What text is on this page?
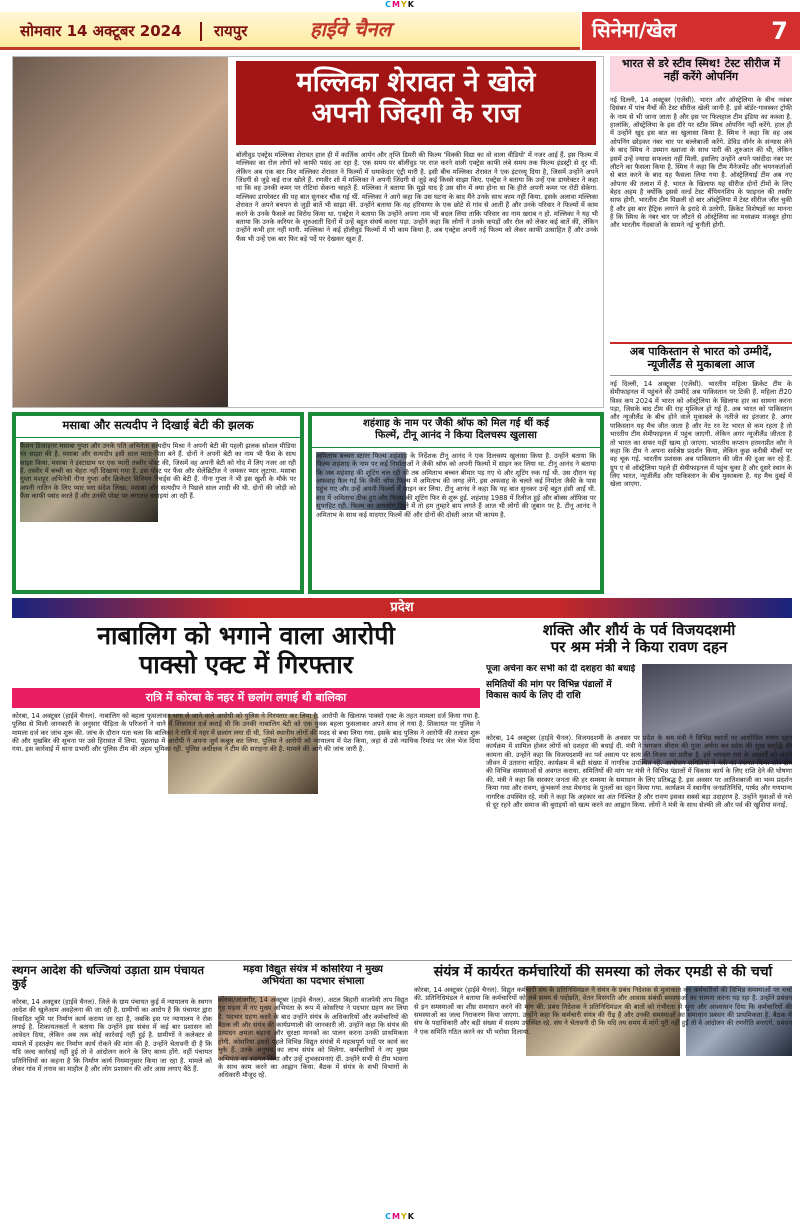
CMYK
सोमवार 14 अक्टूबर 2024	रायपुर	हाईवे चैनल	सिनेमा/खेल	7
मल्लिका शेरावत ने खोले
अपनी जिंदगी के राज
बॉलीवुड एक्ट्रेस मल्लिका शेरावत हाल ही में कार्तिक आर्यन और तृप्ति डिमरी की फिल्म 'विक्की विद्या का वो वाला वीडियो' में नजर आई हैं. इस फिल्म में मल्लिका का रोल लोगों को काफी पसंद आ रहा है. एक समय पर बॉलीवुड पर राज करने वाली एक्ट्रेस काफी लंबे समय तक फिल्म इंडस्ट्री से दूर थीं. लेकिन अब एक बार फिर मल्लिका शेरावत ने फिल्मों में धमाकेदार एंट्री मारी है. इसी बीच मल्लिका शेरावत ने एक इंटरव्यू दिया है, जिसमें उन्होंने अपने जिंदगी से जुड़े कई राज खोले हैं. रणवीर शो में मल्लिका ने अपनी जिंदगी से जुड़े कई किस्से साझा किए. एक्ट्रेस ने बताया कि उन्हें एक डायरेक्टर ने कहा था कि वह उनकी कमर पर रोटियां सेकना चाहते हैं. मल्लिका ने बताया कि मुझे याद है उस सीन में क्या होना था कि हीरो अपनी कमर पर रोटी सेकेगा. मल्लिका डायरेक्टर की यह बात सुनकर चौंक गई थीं. मल्लिका ने आगे कहा कि उस घटना के बाद मैंने उनके साथ काम नहीं किया. इसके अलावा मल्लिका शेरावत ने अपने बचपन से जुड़ी बातें भी साझा कीं. उन्होंने बताया कि वह हरियाणा के एक छोटे से गांव से आती हैं और उनके परिवार ने फिल्मों में काम करने के उनके फैसले का विरोध किया था. एक्ट्रेस ने बताया कि उन्होंने अपना नाम भी बदल लिया ताकि परिवार का नाम खराब न हो. मल्लिका ने यह भी बताया कि उनके करियर के शुरुआती दिनों में उन्हें बहुत संघर्ष करना पड़ा. उन्होंने कहा कि लोगों ने उनके कपड़ों और रोल को लेकर कई बातें कीं, लेकिन उन्होंने कभी हार नहीं मानी. मल्लिका ने कई हॉलीवुड फिल्मों में भी काम किया है. अब एक्ट्रेस अपनी नई फिल्म को लेकर काफी उत्साहित हैं और उनके फैंस भी उन्हें एक बार फिर बड़े पर्दे पर देखकर खुश हैं.
भारत से डरे स्टीव स्मिथ! टेस्ट सीरीज में नहीं करेंगे ओपनिंग
नई दिल्ली, 14 अक्टूबर (एजेंसी). भारत और ऑस्ट्रेलिया के बीच नवंबर दिसंबर में पांच मैचों की टेस्ट सीरीज खेली जानी है. इसे बॉर्डर-गावस्कर ट्रॉफी के नाम से भी जाना जाता है और इस पर फिलहाल टीम इंडिया का कब्जा है. हालांकि, ऑस्ट्रेलिया के इस दौरे पर स्टीव स्मिथ ओपनिंग नहीं करेंगे. हाल ही में उन्होंने खुद इस बात का खुलासा किया है. स्मिथ ने कहा कि वह अब ओपनिंग छोड़कर नंबर चार पर बल्लेबाजी करेंगे. डेविड वॉर्नर के संन्यास लेने के बाद स्मिथ ने उस्मान ख्वाजा के साथ पारी की शुरुआत की थी, लेकिन इसमें उन्हें ज्यादा सफलता नहीं मिली. इसलिए उन्होंने अपने पसंदीदा नंबर पर लौटने का फैसला किया है. स्मिथ ने कहा कि टीम मैनेजमेंट और चयनकर्ताओं से बात करने के बाद यह फैसला लिया गया है. ऑस्ट्रेलियाई टीम अब नए ओपनर की तलाश में है. भारत के खिलाफ यह सीरीज दोनों टीमों के लिए बेहद अहम है क्योंकि इससे वर्ल्ड टेस्ट चैंपियनशिप के फाइनल की तस्वीर साफ होगी. भारतीय टीम पिछली दो बार ऑस्ट्रेलिया में टेस्ट सीरीज जीत चुकी है और इस बार हैट्रिक लगाने के इरादे से उतरेगी. क्रिकेट विशेषज्ञों का मानना है कि स्मिथ के नंबर चार पर लौटने से ऑस्ट्रेलिया का मध्यक्रम मजबूत होगा और भारतीय गेंदबाजों के सामने नई चुनौती होगी.
अब पाकिस्तान से भारत को उम्मीदें, न्यूजीलैंड से मुकाबला आज
नई दिल्ली, 14 अक्टूबर (एजेंसी). भारतीय महिला क्रिकेट टीम के सेमीफाइनल में पहुंचने की उम्मीदें अब पाकिस्तान पर टिकी हैं. महिला टी20 विश्व कप 2024 में भारत को ऑस्ट्रेलिया के खिलाफ हार का सामना करना पड़ा, जिसके बाद टीम की राह मुश्किल हो गई है. अब भारत को पाकिस्तान और न्यूजीलैंड के बीच होने वाले मुकाबले के नतीजे का इंतजार है. अगर पाकिस्तान यह मैच जीत जाता है और नेट रन रेट भारत से कम रहता है तो भारतीय टीम सेमीफाइनल में पहुंच जाएगी. लेकिन अगर न्यूजीलैंड जीतता है तो भारत का सफर यहीं खत्म हो जाएगा. भारतीय कप्तान हरमनप्रीत कौर ने कहा कि टीम ने अपना सर्वश्रेष्ठ प्रदर्शन किया, लेकिन कुछ करीबी मौकों पर वह चूक गई. भारतीय प्रशंसक अब पाकिस्तान की जीत की दुआ कर रहे हैं. ग्रुप ए से ऑस्ट्रेलिया पहले ही सेमीफाइनल में पहुंच चुका है और दूसरे स्थान के लिए भारत, न्यूजीलैंड और पाकिस्तान के बीच मुकाबला है. यह मैच दुबई में खेला जाएगा.
मसाबा और सत्यदीप ने दिखाई बेटी की झलक
फैशन डिजाइनर मसाबा गुप्ता और उनके पति अभिनेता सत्यदीप मिश्रा ने अपनी बेटी की पहली झलक सोशल मीडिया पर साझा की है. मसाबा और सत्यदीप इसी साल माता-पिता बने हैं. दोनों ने अपनी बेटी का नाम भी फैंस के साथ साझा किया. मसाबा ने इंस्टाग्राम पर एक प्यारी तस्वीर पोस्ट की, जिसमें वह अपनी बेटी को गोद में लिए नजर आ रही हैं. तस्वीर में बच्ची का चेहरा नहीं दिखाया गया है. इस पोस्ट पर फैंस और सेलेब्रिटीज ने जमकर प्यार लुटाया. मसाबा गुप्ता मशहूर अभिनेत्री नीना गुप्ता और क्रिकेटर विवियन रिचर्ड्स की बेटी हैं. नीना गुप्ता ने भी इस खुशी के मौके पर अपनी नातिन के लिए प्यार भरा संदेश लिखा. मसाबा और सत्यदीप ने पिछले साल शादी की थी. दोनों की जोड़ी को फैंस काफी पसंद करते हैं और उनकी पोस्ट पर लगातार बधाइयां आ रही हैं.
शहंशाह के नाम पर जैकी श्रॉफ को मिल गई थीं कई
फिल्में, टीनू आनंद ने किया दिलचस्प खुलासा
अमिताभ बच्चन स्टारर फिल्म शहंशाह के निर्देशक टीनू आनंद ने एक दिलचस्प खुलासा किया है. उन्होंने बताया कि फिल्म शहंशाह के नाम पर कई निर्माताओं ने जैकी श्रॉफ को अपनी फिल्मों में साइन कर लिया था. टीनू आनंद ने बताया कि जब शहंशाह की शूटिंग चल रही थी तब अमिताभ बच्चन बीमार पड़ गए थे और शूटिंग रुक गई थी. उस दौरान यह अफवाह फैल गई कि जैकी श्रॉफ फिल्म में अमिताभ की जगह लेंगे. इस अफवाह के चलते कई निर्माता जैकी के पास पहुंच गए और उन्हें अपनी फिल्मों में साइन कर लिया. टीनू आनंद ने कहा कि यह बात सुनकर उन्हें बहुत हंसी आई थी. बाद में अमिताभ ठीक हुए और फिल्म की शूटिंग फिर से शुरू हुई. शहंशाह 1988 में रिलीज हुई और बॉक्स ऑफिस पर सुपरहिट रही. फिल्म का डायलॉग रिश्ते में तो हम तुम्हारे बाप लगते हैं आज भी लोगों की जुबान पर है. टीनू आनंद ने अमिताभ के साथ कई यादगार फिल्में कीं और दोनों की दोस्ती आज भी कायम है.
प्रदेश
नाबालिग को भगाने वाला आरोपी
पाक्सो एक्ट में गिरफ्तार
रात्रि में कोरबा के नहर में छलांग लगाई थी बालिका
कोरबा, 14 अक्टूबर (हाईवे चैनल). नाबालिग को बहला फुसलाकर भगा ले जाने वाले आरोपी को पुलिस ने गिरफ्तार कर लिया है. आरोपी के खिलाफ पाक्सो एक्ट के तहत मामला दर्ज किया गया है. पुलिस से मिली जानकारी के अनुसार पीड़िता के परिजनों ने थाने में शिकायत दर्ज कराई थी कि उनकी नाबालिग बेटी को एक युवक बहला फुसलाकर अपने साथ ले गया है. शिकायत पर पुलिस ने मामला दर्ज कर जांच शुरू की. जांच के दौरान पता चला कि बालिका ने रात्रि में नहर में छलांग लगा दी थी, जिसे स्थानीय लोगों की मदद से बचा लिया गया. इसके बाद पुलिस ने आरोपी की तलाश शुरू की और मुखबिर की सूचना पर उसे हिरासत में लिया. पूछताछ में आरोपी ने अपना जुर्म कबूल कर लिया. पुलिस ने आरोपी को न्यायालय में पेश किया, जहां से उसे न्यायिक रिमांड पर जेल भेज दिया गया. इस कार्रवाई में थाना प्रभारी और पुलिस टीम की अहम भूमिका रही. पुलिस अधीक्षक ने टीम की सराहना की है. मामले की आगे की जांच जारी है.
शक्ति और शौर्य के पर्व विजयदशमी
पर श्रम मंत्री ने किया रावण दहन
पूजा अर्चना कर सभी को दी दशहरा की बधाई
समितियों की मांग पर विभिन्न पंडालों में विकास कार्य के लिए दी राशि
कोरबा, 14 अक्टूबर (हाईवे चैनल). विजयदशमी के अवसर पर प्रदेश के श्रम मंत्री ने विभिन्न स्थानों पर आयोजित रावण दहन कार्यक्रम में शामिल होकर लोगों को दशहरा की बधाई दी. मंत्री ने भगवान श्रीराम की पूजा अर्चना कर प्रदेश की सुख समृद्धि की कामना की. उन्होंने कहा कि विजयदशमी का पर्व असत्य पर सत्य की विजय का प्रतीक है. हमें भगवान राम के आदर्शों को अपने जीवन में उतारना चाहिए. कार्यक्रम में बड़ी संख्या में नागरिक उपस्थित रहे. आयोजन समितियों ने मंत्री का स्वागत किया और क्षेत्र की विभिन्न समस्याओं से अवगत कराया. समितियों की मांग पर मंत्री ने विभिन्न पंडालों में विकास कार्य के लिए राशि देने की घोषणा की. मंत्री ने कहा कि सरकार जनता की हर समस्या के समाधान के लिए प्रतिबद्ध है. इस अवसर पर आतिशबाजी का भव्य प्रदर्शन किया गया और रावण, कुंभकर्ण तथा मेघनाद के पुतलों का दहन किया गया. कार्यक्रम में स्थानीय जनप्रतिनिधि, पार्षद और गणमान्य नागरिक उपस्थित रहे. मंत्री ने कहा कि अहंकार का अंत निश्चित है और रावण इसका सबसे बड़ा उदाहरण है. उन्होंने युवाओं से नशे से दूर रहने और समाज की बुराइयों को खत्म करने का आह्वान किया. लोगों ने मंत्री के साथ सेल्फी ली और पर्व की खुशियां मनाईं.
स्थगन आदेश की धज्जियां उड़ाता ग्राम पंचायत कुई
कोरबा, 14 अक्टूबर (हाईवे चैनल). जिले के ग्राम पंचायत कुई में न्यायालय के स्थगन आदेश की खुलेआम अवहेलना की जा रही है. ग्रामीणों का आरोप है कि पंचायत द्वारा विवादित भूमि पर निर्माण कार्य कराया जा रहा है, जबकि इस पर न्यायालय ने रोक लगाई है. शिकायतकर्ता ने बताया कि उन्होंने इस संबंध में कई बार प्रशासन को आवेदन दिया, लेकिन अब तक कोई कार्रवाई नहीं हुई है. ग्रामीणों ने कलेक्टर से मामले में हस्तक्षेप कर निर्माण कार्य रोकने की मांग की है. उन्होंने चेतावनी दी है कि यदि जल्द कार्रवाई नहीं हुई तो वे आंदोलन करने के लिए बाध्य होंगे. वहीं पंचायत प्रतिनिधियों का कहना है कि निर्माण कार्य नियमानुसार किया जा रहा है. मामले को लेकर गांव में तनाव का माहौल है और लोग प्रशासन की ओर आस लगाए बैठे हैं.
मड़वा विद्युत संयंत्र में कोसरिया ने मुख्य
अभियंता का पदभार संभाला
कोरबा/जांजगीर, 14 अक्टूबर (हाईवे चैनल). अटल बिहारी वाजपेयी ताप विद्युत गृह मड़वा में नए मुख्य अभियंता के रूप में कोसरिया ने पदभार ग्रहण कर लिया है. पदभार ग्रहण करने के बाद उन्होंने संयंत्र के अधिकारियों और कर्मचारियों की बैठक ली और संयंत्र की कार्यप्रणाली की जानकारी ली. उन्होंने कहा कि संयंत्र की उत्पादन क्षमता बढ़ाना और सुरक्षा मानकों का पालन करना उनकी प्राथमिकता होगी. कोसरिया इससे पहले विभिन्न विद्युत संयंत्रों में महत्वपूर्ण पदों पर कार्य कर चुके हैं. उनके अनुभव का लाभ संयंत्र को मिलेगा. कर्मचारियों ने नए मुख्य अभियंता का स्वागत किया और उन्हें शुभकामनाएं दीं. उन्होंने सभी से टीम भावना के साथ काम करने का आह्वान किया. बैठक में संयंत्र के सभी विभागों के अधिकारी मौजूद रहे.
संयंत्र में कार्यरत कर्मचारियों की समस्या को लेकर एमडी से की चर्चा
कोरबा, 14 अक्टूबर (हाईवे चैनल). विद्युत कर्मचारी संघ के प्रतिनिधिमंडल ने संयंत्र के प्रबंध निदेशक से मुलाकात कर कर्मचारियों की विभिन्न समस्याओं पर चर्चा की. प्रतिनिधिमंडल ने बताया कि कर्मचारियों को लंबे समय से पदोन्नति, वेतन विसंगति और आवास संबंधी समस्याओं का सामना करना पड़ रहा है. उन्होंने प्रबंधन से इन समस्याओं का शीघ्र समाधान करने की मांग की. प्रबंध निदेशक ने प्रतिनिधिमंडल की बातों को गंभीरता से सुना और आश्वासन दिया कि कर्मचारियों की समस्याओं का जल्द निराकरण किया जाएगा. उन्होंने कहा कि कर्मचारी संयंत्र की रीढ़ हैं और उनकी समस्याओं का समाधान प्रबंधन की प्राथमिकता है. बैठक में संघ के पदाधिकारी और बड़ी संख्या में सदस्य उपस्थित रहे. संघ ने चेतावनी दी कि यदि तय समय में मांगें पूरी नहीं हुईं तो वे आंदोलन की रणनीति बनाएंगे. प्रबंधन ने एक समिति गठित करने का भी भरोसा दिलाया.
CMYK
